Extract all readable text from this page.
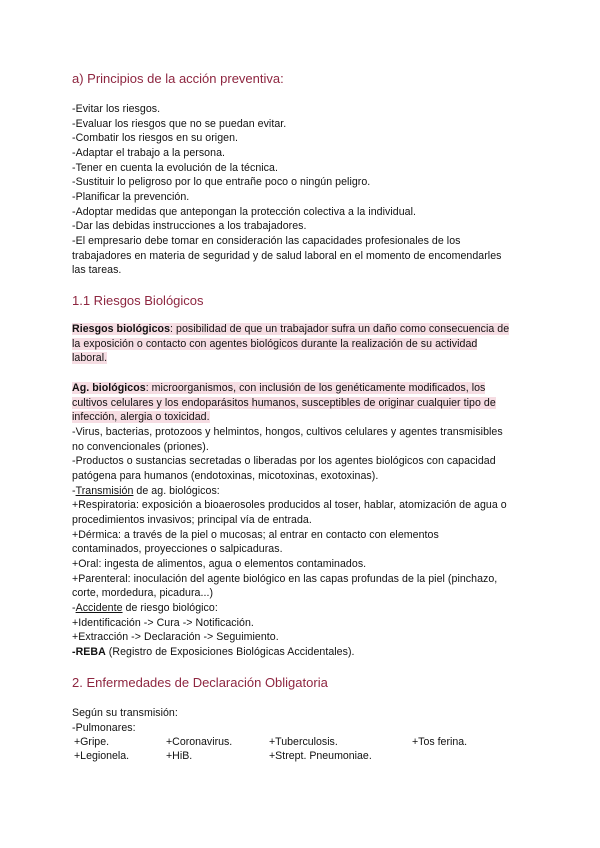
a) Principios de la acción preventiva:
-Evitar los riesgos.
-Evaluar los riesgos que no se puedan evitar.
-Combatir los riesgos en su origen.
-Adaptar el trabajo a la persona.
-Tener en cuenta la evolución de la técnica.
-Sustituir lo peligroso por lo que entrañe poco o ningún peligro.
-Planificar la prevención.
-Adoptar medidas que antepongan la protección colectiva a la individual.
-Dar las debidas instrucciones a los trabajadores.
-El empresario debe tomar en consideración las capacidades profesionales de los
trabajadores en materia de seguridad y de salud laboral en el momento de encomendarles
las tareas.
1.1 Riesgos Biológicos
Riesgos biológicos: posibilidad de que un trabajador sufra un daño como consecuencia de
la exposición o contacto con agentes biológicos durante la realización de su actividad
laboral.
Ag. biológicos: microorganismos, con inclusión de los genéticamente modificados, los
cultivos celulares y los endoparásitos humanos, susceptibles de originar cualquier tipo de
infección, alergia o toxicidad.
-Virus, bacterias, protozoos y helmintos, hongos, cultivos celulares y agentes transmisibles
no convencionales (priones).
-Productos o sustancias secretadas o liberadas por los agentes biológicos con capacidad
patógena para humanos (endotoxinas, micotoxinas, exotoxinas).
-Transmisión de ag. biológicos:
+Respiratoria: exposición a bioaerosoles producidos al toser, hablar, atomización de agua o
procedimientos invasivos; principal vía de entrada.
+Dérmica: a través de la piel o mucosas; al entrar en contacto con elementos
contaminados, proyecciones o salpicaduras.
+Oral: ingesta de alimentos, agua o elementos contaminados.
+Parenteral: inoculación del agente biológico en las capas profundas de la piel (pinchazo,
corte, mordedura, picadura...)
-Accidente de riesgo biológico:
+Identificación -> Cura -> Notificación.
+Extracción -> Declaración -> Seguimiento.
-REBA (Registro de Exposiciones Biológicas Accidentales).
2. Enfermedades de Declaración Obligatoria
Según su transmisión:
-Pulmonares:
+Gripe.	+Coronavirus.	+Tuberculosis.	+Tos ferina.
+Legionela.	+HiB.	+Strept. Pneumoniae.
